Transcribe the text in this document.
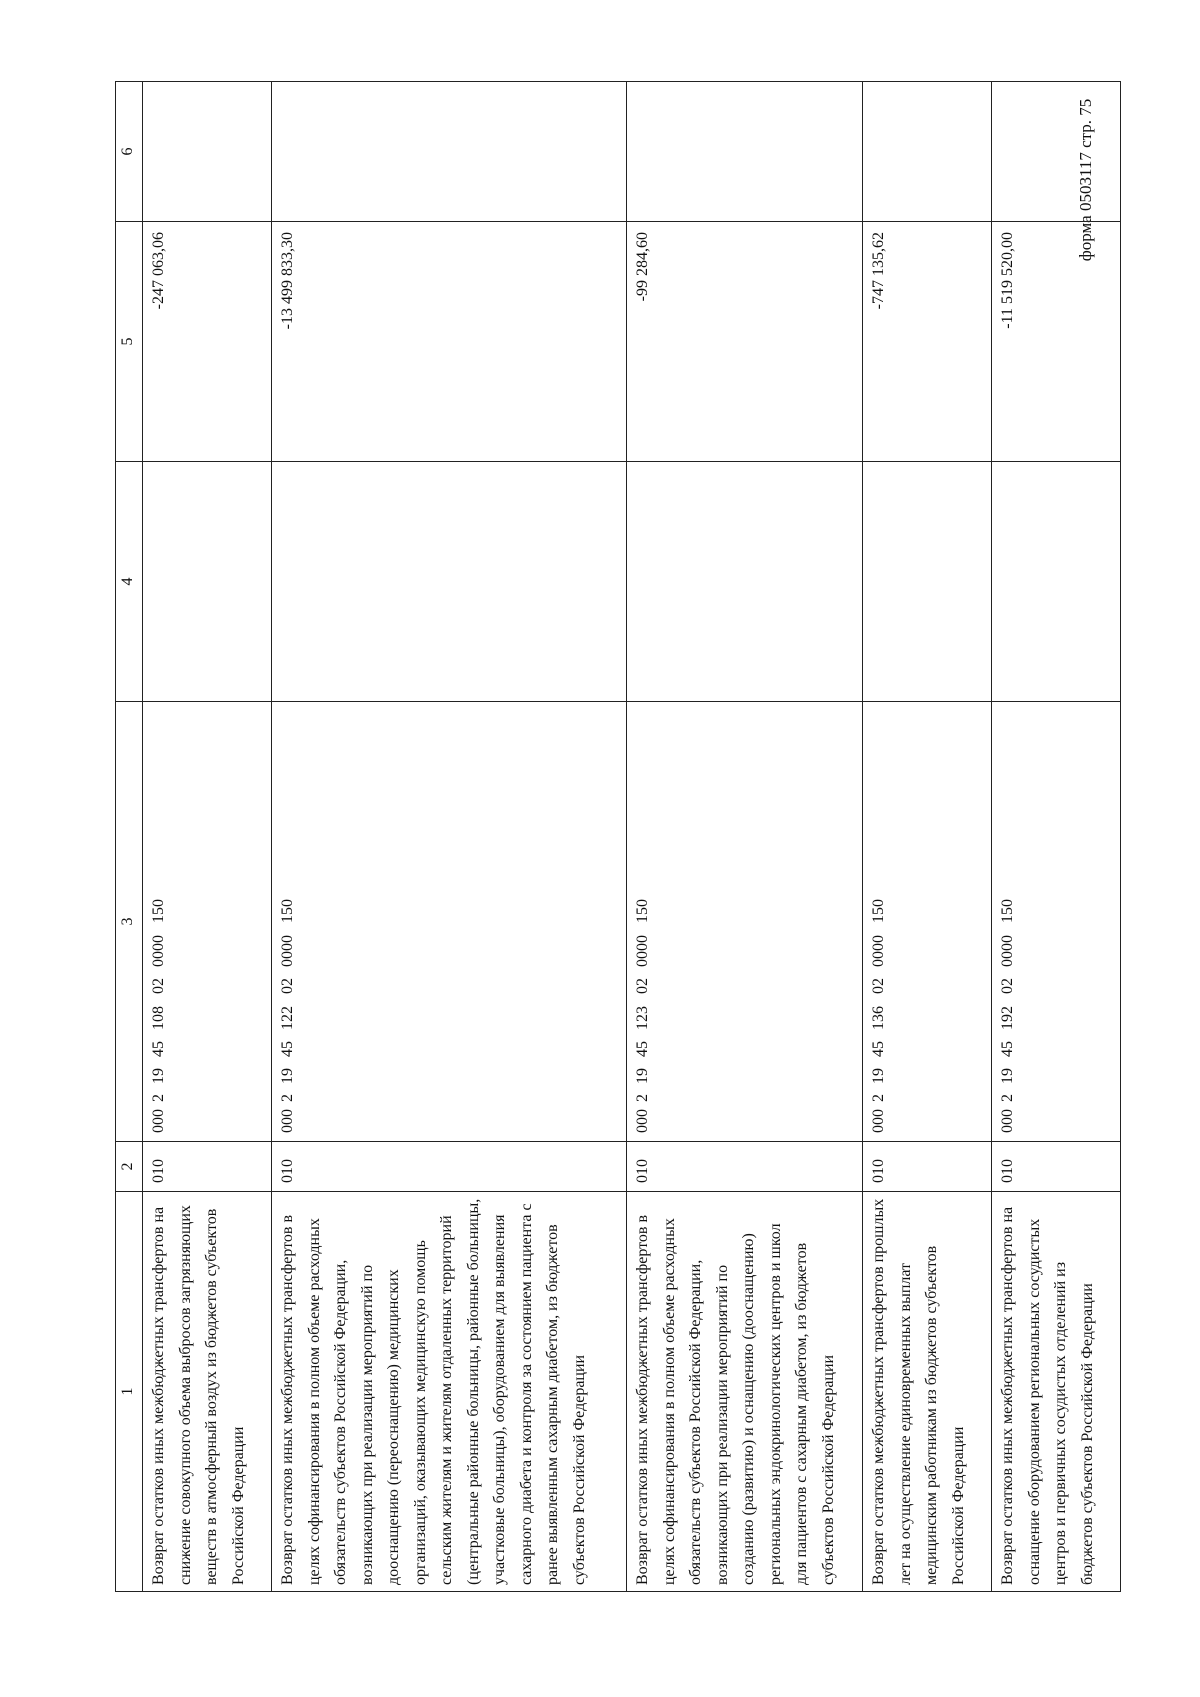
форма 0503117 стр. 75
1	2	3	4	5	6
Возврат остатков иных межбюджетных трансфертов на снижение совокупного объема выбросов загрязняющих веществ в атмосферный воздух из бюджетов субъектов Российской Федерации	010	00021945108020000150		-247 063,06	
Возврат остатков иных межбюджетных трансфертов в целях софинансирования в полном объеме расходных обязательств субъектов Российской Федерации, возникающих при реализации мероприятий по дооснащению (переоснащению) медицинских организаций, оказывающих медицинскую помощь сельским жителям и жителям отдаленных территорий (центральные районные больницы, районные больницы, участковые больницы), оборудованием для выявления сахарного диабета и контроля за состоянием пациента с ранее выявленным сахарным диабетом, из бюджетов субъектов Российской Федерации	010	00021945122020000150		-13 499 833,30	
Возврат остатков иных межбюджетных трансфертов в целях софинансирования в полном объеме расходных обязательств субъектов Российской Федерации, возникающих при реализации мероприятий по созданию (развитию) и оснащению (дооснащению) региональных эндокринологических центров и школ для пациентов с сахарным диабетом, из бюджетов субъектов Российской Федерации	010	00021945123020000150		-99 284,60	
Возврат остатков межбюджетных трансфертов прошлых лет на осуществление единовременных выплат медицинским работникам из бюджетов субъектов Российской Федерации	010	00021945136020000150		-747 135,62	
Возврат остатков иных межбюджетных трансфертов на оснащение оборудованием региональных сосудистых центров и первичных сосудистых отделений из бюджетов субъектов Российской Федерации	010	00021945192020000150		-11 519 520,00	
